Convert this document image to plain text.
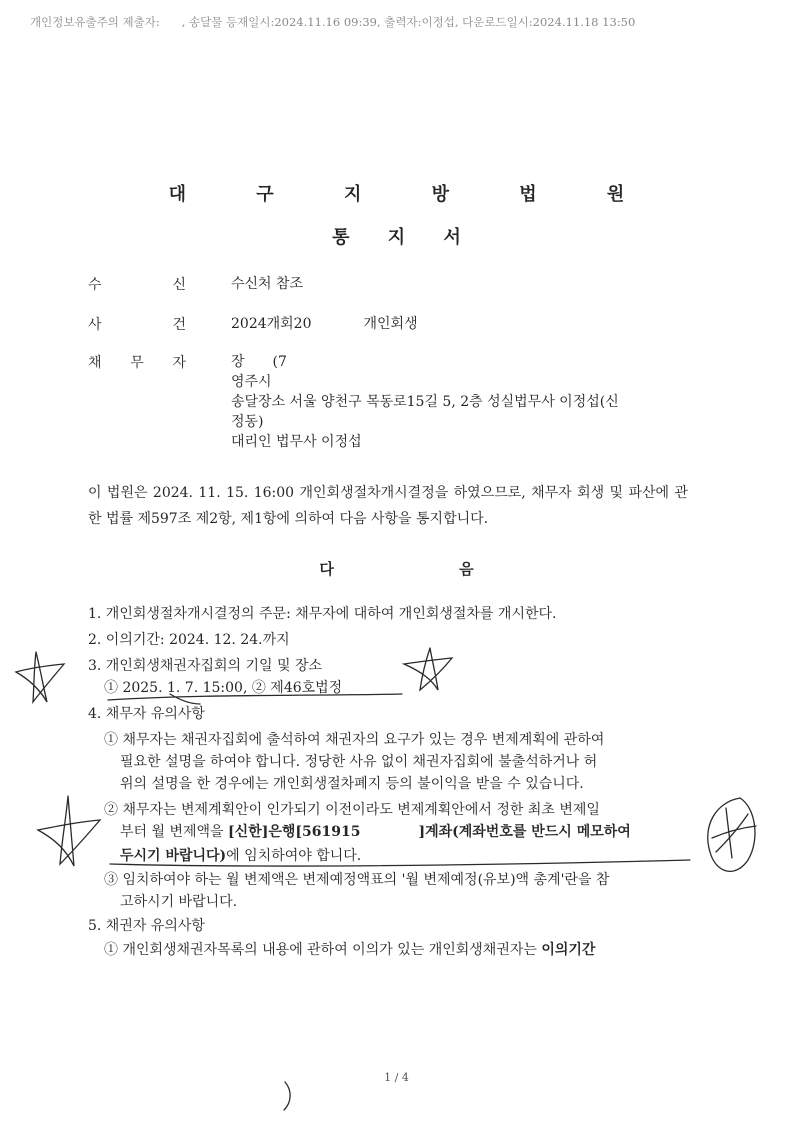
개인정보유출주의 제출자: , 송달물 등재일시:2024.11.16 09:39, 출력자:이정섭, 다운로드일시:2024.11.18 13:50
대 구 지 방 법 원
통 지 서
수	신	수신처 참조
사	건	2024개회20	개인회생
채 무 자	장 (7
영주시
송달장소 서울 양천구 목동로15길 5, 2층 성실법무사 이정섭(신
정동)
대리인 법무사 이정섭
이 법원은 2024. 11. 15. 16:00 개인회생절차개시결정을 하였으므로, 채무자 회생 및 파산에 관한 법률 제597조 제2항, 제1항에 의하여 다음 사항을 통지합니다.
다 음
1. 개인회생절차개시결정의 주문: 채무자에 대하여 개인회생절차를 개시한다.
2. 이의기간: 2024. 12. 24.까지
3. 개인회생채권자집회의 기일 및 장소
① 2025. 1. 7. 15:00, ② 제46호법정
4. 채무자 유의사항
① 채무자는 채권자집회에 출석하여 채권자의 요구가 있는 경우 변제계획에 관하여
필요한 설명을 하여야 합니다. 정당한 사유 없이 채권자집회에 불출석하거나 허
위의 설명을 한 경우에는 개인회생절차폐지 등의 불이익을 받을 수 있습니다.
② 채무자는 변제계획안이 인가되기 이전이라도 변제계획안에서 정한 최초 변제일
부터 월 변제액을 [신한]은행[561915	]계좌(계좌번호를 반드시 메모하여
두시기 바랍니다)에 임치하여야 합니다.
③ 임치하여야 하는 월 변제액은 변제예정액표의 '월 변제예정(유보)액 총계'란을 참
고하시기 바랍니다.
5. 채권자 유의사항
① 개인회생채권자목록의 내용에 관하여 이의가 있는 개인회생채권자는 이의기간
1 / 4
